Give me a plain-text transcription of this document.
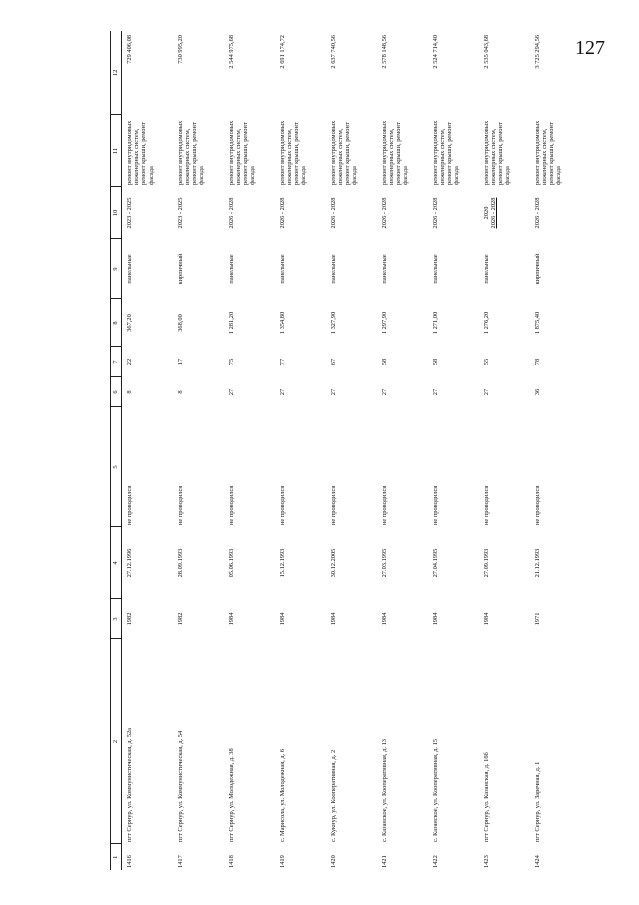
127
1	2	3	4	5	6	7	8	9	10	11	12
1416	пгт Сернур, ул. Коммунистическая, д. 52а	1982	27.12.1996	не проводился	8	22	367,20	панельные	2023 - 2025	ремонт внутридомовых инженерных систем, ремонт крыши, ремонт фасада	729 406,08
1417	пгт Сернур, ул. Коммунистическая, д. 54	1982	28.09.1993	не проводился	8	17	368,00	кирпичный	2023 - 2025	ремонт внутридомовых инженерных систем, ремонт крыши, ремонт фасада	730 995,20
1418	пгт Сернур, ул. Молодежная, д. 38	1984	05.06.1993	не проводился	27	75	1 281,20	панельные	2026 - 2028	ремонт внутридомовых инженерных систем, ремонт крыши, ремонт фасада	2 544 975,68
1419	с. Марисола, ул. Молодежная, д. 6	1984	15.12.1993	не проводился	27	77	1 354,80	панельные	2026 - 2028	ремонт внутридомовых инженерных систем, ремонт крыши, ремонт фасада	2 691 174,72
1420	с. Кукнур, ул. Кооперативная, д. 2	1984	30.12.2005	не проводился	27	67	1 327,90	панельные	2026 - 2028	ремонт внутридомовых инженерных систем, ремонт крыши, ремонт фасада	2 637 740,56
1421	с. Казанское, ул. Кооперативная, д. 13	1984	27.03.1995	не проводился	27	58	1 297,90	панельные	2026 - 2028	ремонт внутридомовых инженерных систем, ремонт крыши, ремонт фасада	2 578 148,56
1422	с. Казанское, ул. Кооперативная, д. 15	1984	27.04.1995	не проводился	27	58	1 271,00	панельные	2026 - 2028	ремонт внутридомовых инженерных систем, ремонт крыши, ремонт фасада	2 524 714,40
1423	пгт Сернур, ул. Казанская, д. 16б	1984	27.09.1993	не проводился	27	55	1 276,20	панельные	2020 2026 - 2028	ремонт внутридомовых инженерных систем, ремонт крыши, ремонт фасада	2 535 043,68
1424	пгт Сернур, ул. Заречная, д. 1	1971	21.12.1993	не проводился	36	78	1 875,40	кирпичный	2026 - 2028	ремонт внутридомовых инженерных систем, ремонт крыши, ремонт фасада	3 725 294,56
